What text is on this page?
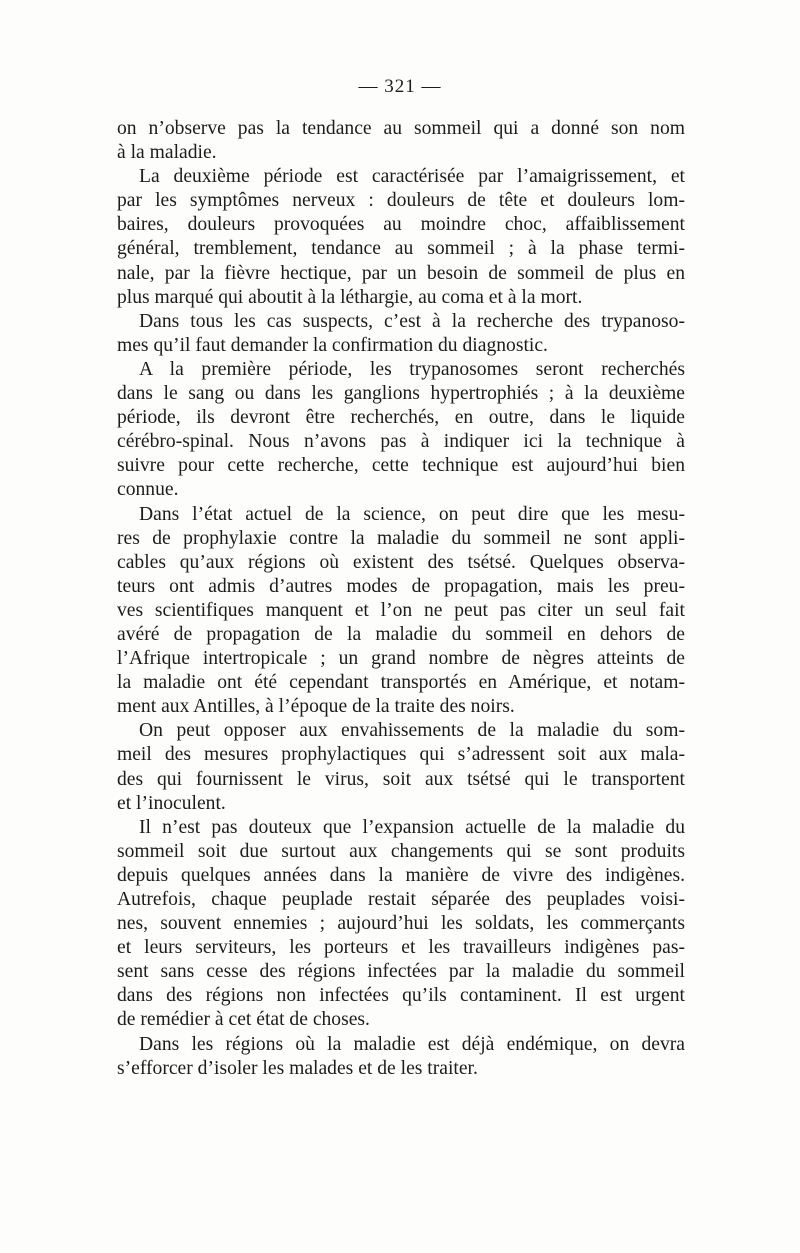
— 321 —
on n’observe pas la tendance au sommeil qui a donné son nom
à la maladie.
La deuxième période est caractérisée par l’amaigrissement, et
par les symptômes nerveux : douleurs de tête et douleurs lom-
baires, douleurs provoquées au moindre choc, affaiblissement
général, tremblement, tendance au sommeil ; à la phase termi-
nale, par la fièvre hectique, par un besoin de sommeil de plus en
plus marqué qui aboutit à la léthargie, au coma et à la mort.
Dans tous les cas suspects, c’est à la recherche des trypanoso-
mes qu’il faut demander la confirmation du diagnostic.
A la première période, les trypanosomes seront recherchés
dans le sang ou dans les ganglions hypertrophiés ; à la deuxième
période, ils devront être recherchés, en outre, dans le liquide
cérébro-spinal. Nous n’avons pas à indiquer ici la technique à
suivre pour cette recherche, cette technique est aujourd’hui bien
connue.
Dans l’état actuel de la science, on peut dire que les mesu-
res de prophylaxie contre la maladie du sommeil ne sont appli-
cables qu’aux régions où existent des tsétsé. Quelques observa-
teurs ont admis d’autres modes de propagation, mais les preu-
ves scientifiques manquent et l’on ne peut pas citer un seul fait
avéré de propagation de la maladie du sommeil en dehors de
l’Afrique intertropicale ; un grand nombre de nègres atteints de
la maladie ont été cependant transportés en Amérique, et notam-
ment aux Antilles, à l’époque de la traite des noirs.
On peut opposer aux envahissements de la maladie du som-
meil des mesures prophylactiques qui s’adressent soit aux mala-
des qui fournissent le virus, soit aux tsétsé qui le transportent
et l’inoculent.
Il n’est pas douteux que l’expansion actuelle de la maladie du
sommeil soit due surtout aux changements qui se sont produits
depuis quelques années dans la manière de vivre des indigènes.
Autrefois, chaque peuplade restait séparée des peuplades voisi-
nes, souvent ennemies ; aujourd’hui les soldats, les commerçants
et leurs serviteurs, les porteurs et les travailleurs indigènes pas-
sent sans cesse des régions infectées par la maladie du sommeil
dans des régions non infectées qu’ils contaminent. Il est urgent
de remédier à cet état de choses.
Dans les régions où la maladie est déjà endémique, on devra
s’efforcer d’isoler les malades et de les traiter.
